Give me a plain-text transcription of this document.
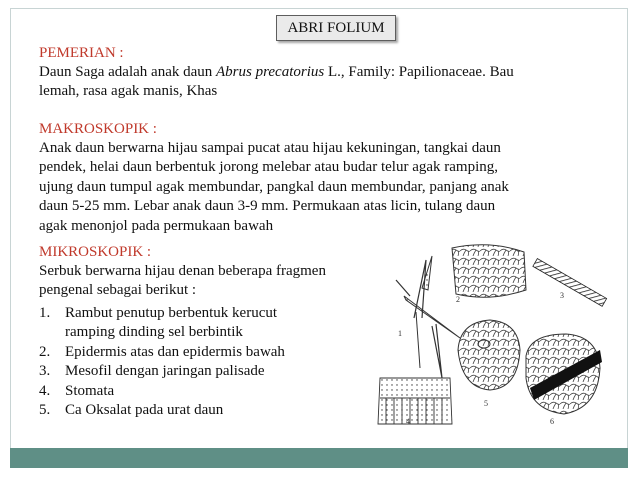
ABRI FOLIUM
PEMERIAN :
Daun Saga adalah anak daun Abrus precatorius L., Family: Papilionaceae. Bau
lemah, rasa agak manis, Khas
MAKROSKOPIK :
Anak daun berwarna hijau sampai pucat atau hijau kekuningan, tangkai daun
pendek, helai daun berbentuk jorong melebar atau budar telur agak ramping,
ujung daun tumpul agak membundar, pangkal daun membundar, panjang anak
daun 5-25 mm. Lebar anak daun 3-9 mm. Permukaan atas licin, tulang daun
agak menonjol pada permukaan bawah
MIKROSKOPIK :
Serbuk berwarna hijau denan beberapa fragmen
pengenal sebagai berikut :
1. Rambut penutup berbentuk kerucut
ramping dinding sel berbintik
2. Epidermis atas dan epidermis bawah
3. Mesofil dengan jaringan palisade
4. Stomata
5. Ca Oksalat pada urat daun
1
2	3
5
4	6
